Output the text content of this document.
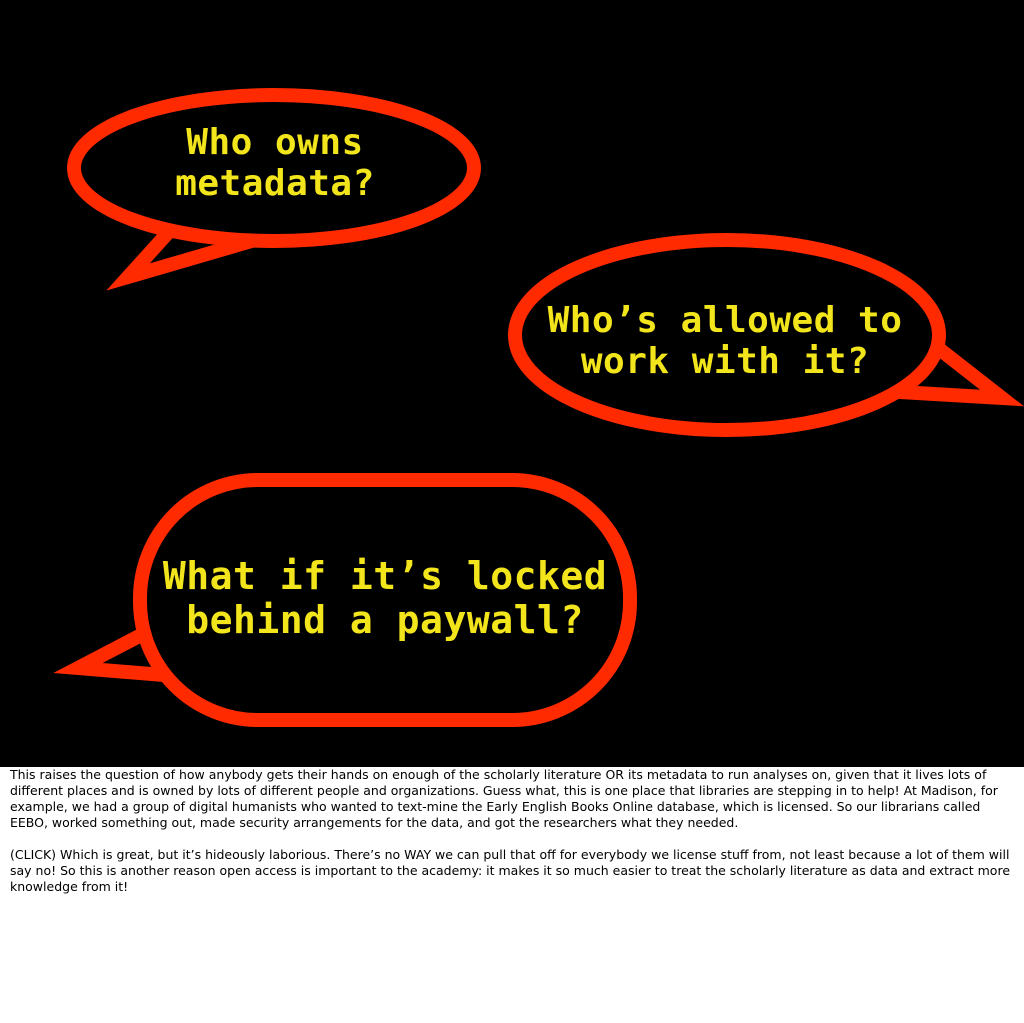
Who owns
metadata?
Who’s allowed to
work with it?
What if it’s locked
behind a paywall?

This raises the question of how anybody gets their hands on enough of the scholarly literature OR its metadata to run analyses on, given that it lives lots of different places and is owned by lots of different people and organizations. Guess what, this is one place that libraries are stepping in to help! At Madison, for example, we had a group of digital humanists who wanted to text-mine the Early English Books Online database, which is licensed. So our librarians called EEBO, worked something out, made security arrangements for the data, and got the researchers what they needed.

(CLICK) Which is great, but it’s hideously laborious. There’s no WAY we can pull that off for everybody we license stuff from, not least because a lot of them will say no! So this is another reason open access is important to the academy: it makes it so much easier to treat the scholarly literature as data and extract more knowledge from it!
